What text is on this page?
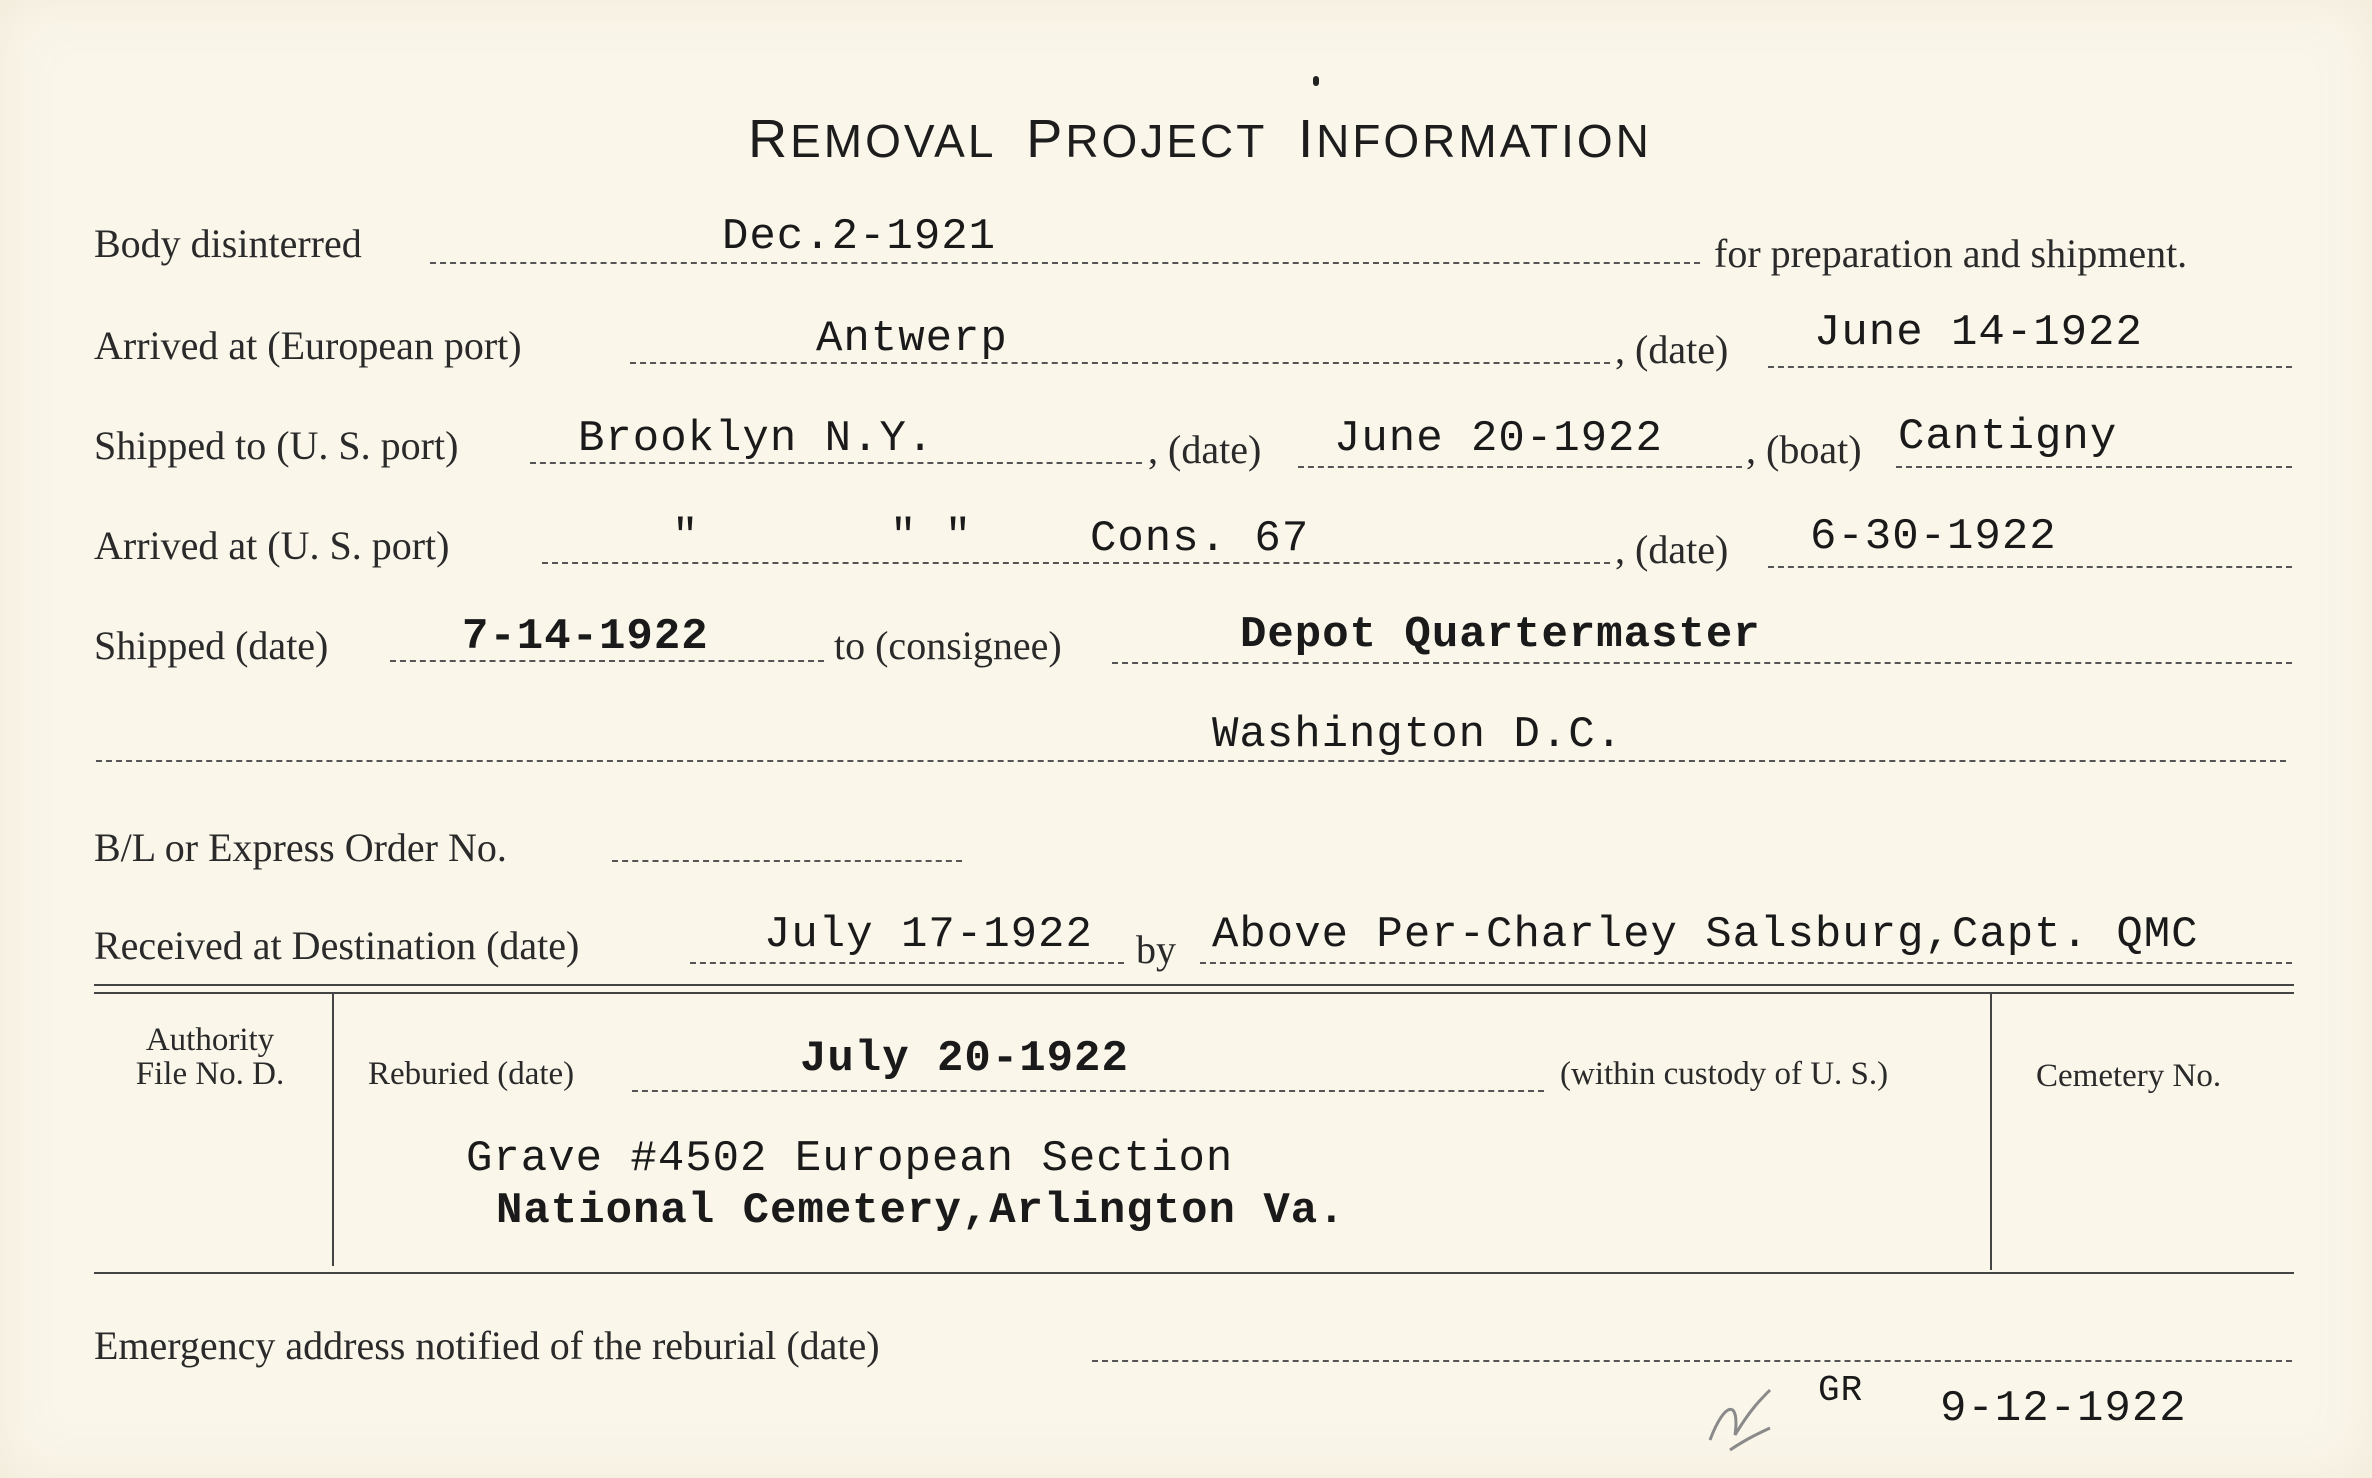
REMOVAL PROJECT INFORMATION
Body disinterred	Dec.2-1921	for preparation and shipment.
Arrived at (European port)	Antwerp	, (date) June 14-1922
Shipped to (U. S. port)	Brooklyn N.Y.	, (date) June 20-1922 , (boat) Cantigny
Arrived at (U. S. port)	"	" "	Cons. 67	, (date) 6-30-1922
Shipped (date)	7-14-1922	to (consignee)	Depot Quartermaster
Washington D.C.
B/L or Express Order No.
Received at Destination (date)	July 17-1922 by Above Per-Charley Salsburg,Capt. QMC
Authority
File No. D.	Reburied (date)	July 20-1922	(within custody of U. S.)	Cemetery No.
Grave #4502 European Section
National Cemetery,Arlington Va.
Emergency address notified of the reburial (date)
GR 9-12-1922
